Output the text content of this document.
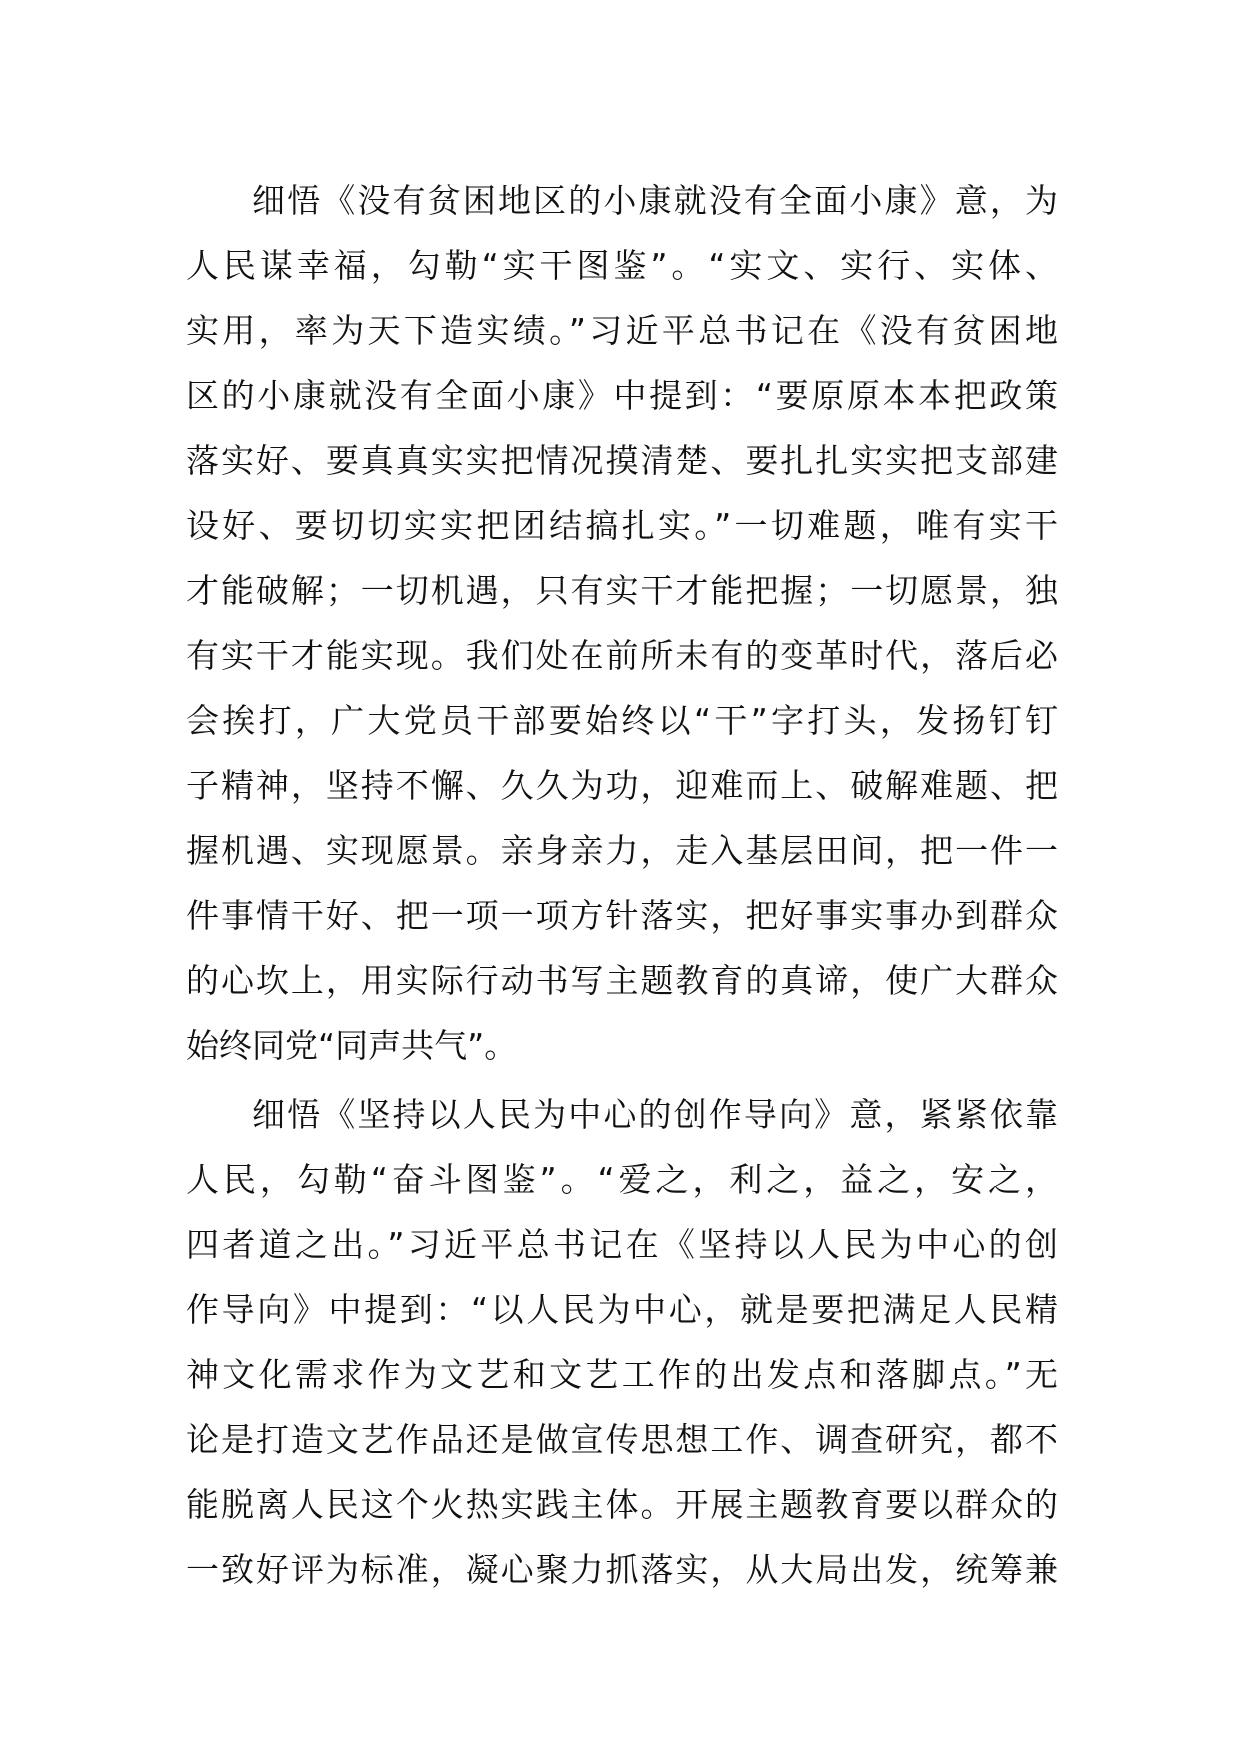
细悟《没有贫困地区的小康就没有全面小康》意，为
人民谋幸福，勾勒“实干图鉴”。“实文、实行、实体、
实用，率为天下造实绩。”习近平总书记在《没有贫困地
区的小康就没有全面小康》中提到：“要原原本本把政策
落实好、要真真实实把情况摸清楚、要扎扎实实把支部建
设好、要切切实实把团结搞扎实。”一切难题，唯有实干
才能破解；一切机遇，只有实干才能把握；一切愿景，独
有实干才能实现。我们处在前所未有的变革时代，落后必
会挨打，广大党员干部要始终以“干”字打头，发扬钉钉
子精神，坚持不懈、久久为功，迎难而上、破解难题、把
握机遇、实现愿景。亲身亲力，走入基层田间，把一件一
件事情干好、把一项一项方针落实，把好事实事办到群众
的心坎上，用实际行动书写主题教育的真谛，使广大群众
始终同党“同声共气”。
细悟《坚持以人民为中心的创作导向》意，紧紧依靠
人民，勾勒“奋斗图鉴”。“爱之，利之，益之，安之，
四者道之出。”习近平总书记在《坚持以人民为中心的创
作导向》中提到：“以人民为中心，就是要把满足人民精
神文化需求作为文艺和文艺工作的出发点和落脚点。”无
论是打造文艺作品还是做宣传思想工作、调查研究，都不
能脱离人民这个火热实践主体。开展主题教育要以群众的
一致好评为标准，凝心聚力抓落实，从大局出发，统筹兼
